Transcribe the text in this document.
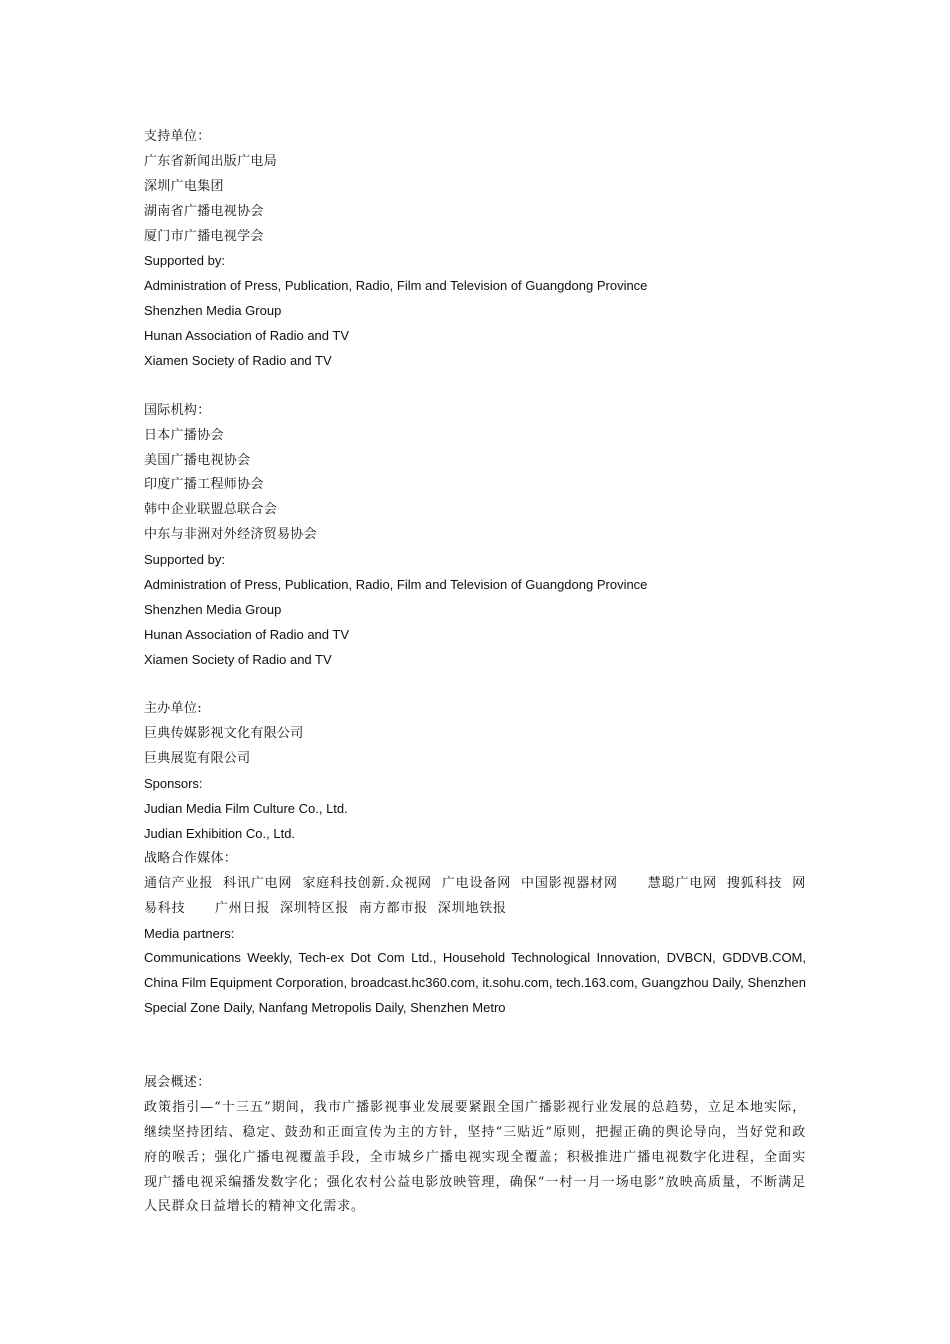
支持单位：
广东省新闻出版广电局
深圳广电集团
湖南省广播电视协会
厦门市广播电视学会
Supported by:
Administration of Press, Publication, Radio, Film and Television of Guangdong Province
Shenzhen Media Group
Hunan Association of Radio and TV
Xiamen Society of Radio and TV
国际机构：
日本广播协会
美国广播电视协会
印度广播工程师协会
韩中企业联盟总联合会
中东与非洲对外经济贸易协会
Supported by:
Administration of Press, Publication, Radio, Film and Television of Guangdong Province
Shenzhen Media Group
Hunan Association of Radio and TV
Xiamen Society of Radio and TV
主办单位:
巨典传媒影视文化有限公司
巨典展览有限公司
Sponsors:
Judian Media Film Culture Co., Ltd.
Judian Exhibition Co., Ltd.
战略合作媒体：
通信产业报  科讯广电网  家庭科技创新.众视网  广电设备网  中国影视器材网      慧聪广电网  搜狐科技  网易科技      广州日报  深圳特区报  南方都市报  深圳地铁报
Media partners:
Communications Weekly, Tech-ex Dot Com Ltd., Household Technological Innovation, DVBCN, GDDVB.COM, China Film Equipment Corporation, broadcast.hc360.com, it.sohu.com, tech.163.com, Guangzhou Daily, Shenzhen Special Zone Daily, Nanfang Metropolis Daily, Shenzhen Metro
展会概述：
政策指引—“十三五”期间，我市广播影视事业发展要紧跟全国广播影视行业发展的总趋势，立足本地实际，继续坚持团结、稳定、鼓劲和正面宣传为主的方针，坚持“三贴近”原则，把握正确的舆论导向，当好党和政府的喉舌；强化广播电视覆盖手段，全市城乡广播电视实现全覆盖；积极推进广播电视数字化进程，全面实现广播电视采编播发数字化；强化农村公益电影放映管理，确保“一村一月一场电影”放映高质量，不断满足人民群众日益增长的精神文化需求。
